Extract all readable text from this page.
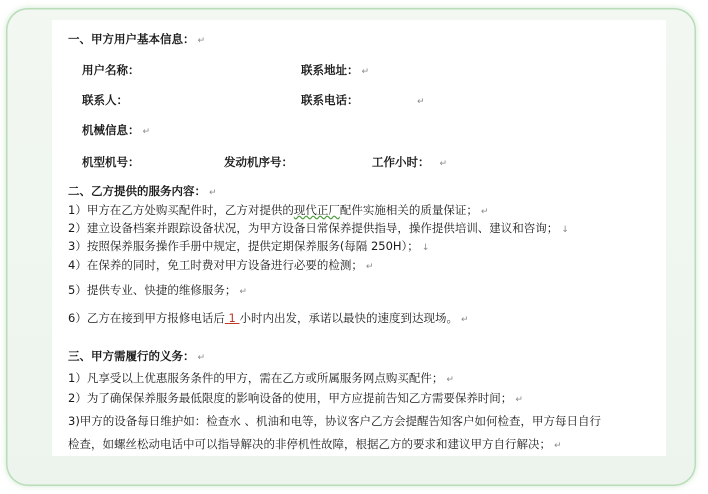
一、甲方用户基本信息： ↵
用户名称：	联系地址： ↵
联系人：	联系电话：	↵
机械信息： ↵
机型机号：	发动机序号：	工作小时： ↵
二、乙方提供的服务内容： ↵
1）甲方在乙方处购买配件时，乙方对提供的现代正厂配件实施相关的质量保证； ↵
2）建立设备档案并跟踪设备状况，为甲方设备日常保养提供指导，操作提供培训、建议和咨询； ↓
3）按照保养服务操作手册中规定，提供定期保养服务(每隔 250H）； ↓
4）在保养的同时，免工时费对甲方设备进行必要的检测； ↵
5）提供专业、快捷的维修服务； ↵
6）乙方在接到甲方报修电话后 1 小时内出发，承诺以最快的速度到达现场。 ↵
三、甲方需履行的义务： ↵
1）凡享受以上优惠服务条件的甲方，需在乙方或所属服务网点购买配件； ↵
2）为了确保保养服务最低限度的影响设备的使用，甲方应提前告知乙方需要保养时间； ↵
3)甲方的设备每日维护如：检查水 、机油和电等，协议客户乙方会提醒告知客户如何检查，甲方每日自行
检查，如螺丝松动电话中可以指导解决的非停机性故障，根据乙方的要求和建议甲方自行解决； ↵
